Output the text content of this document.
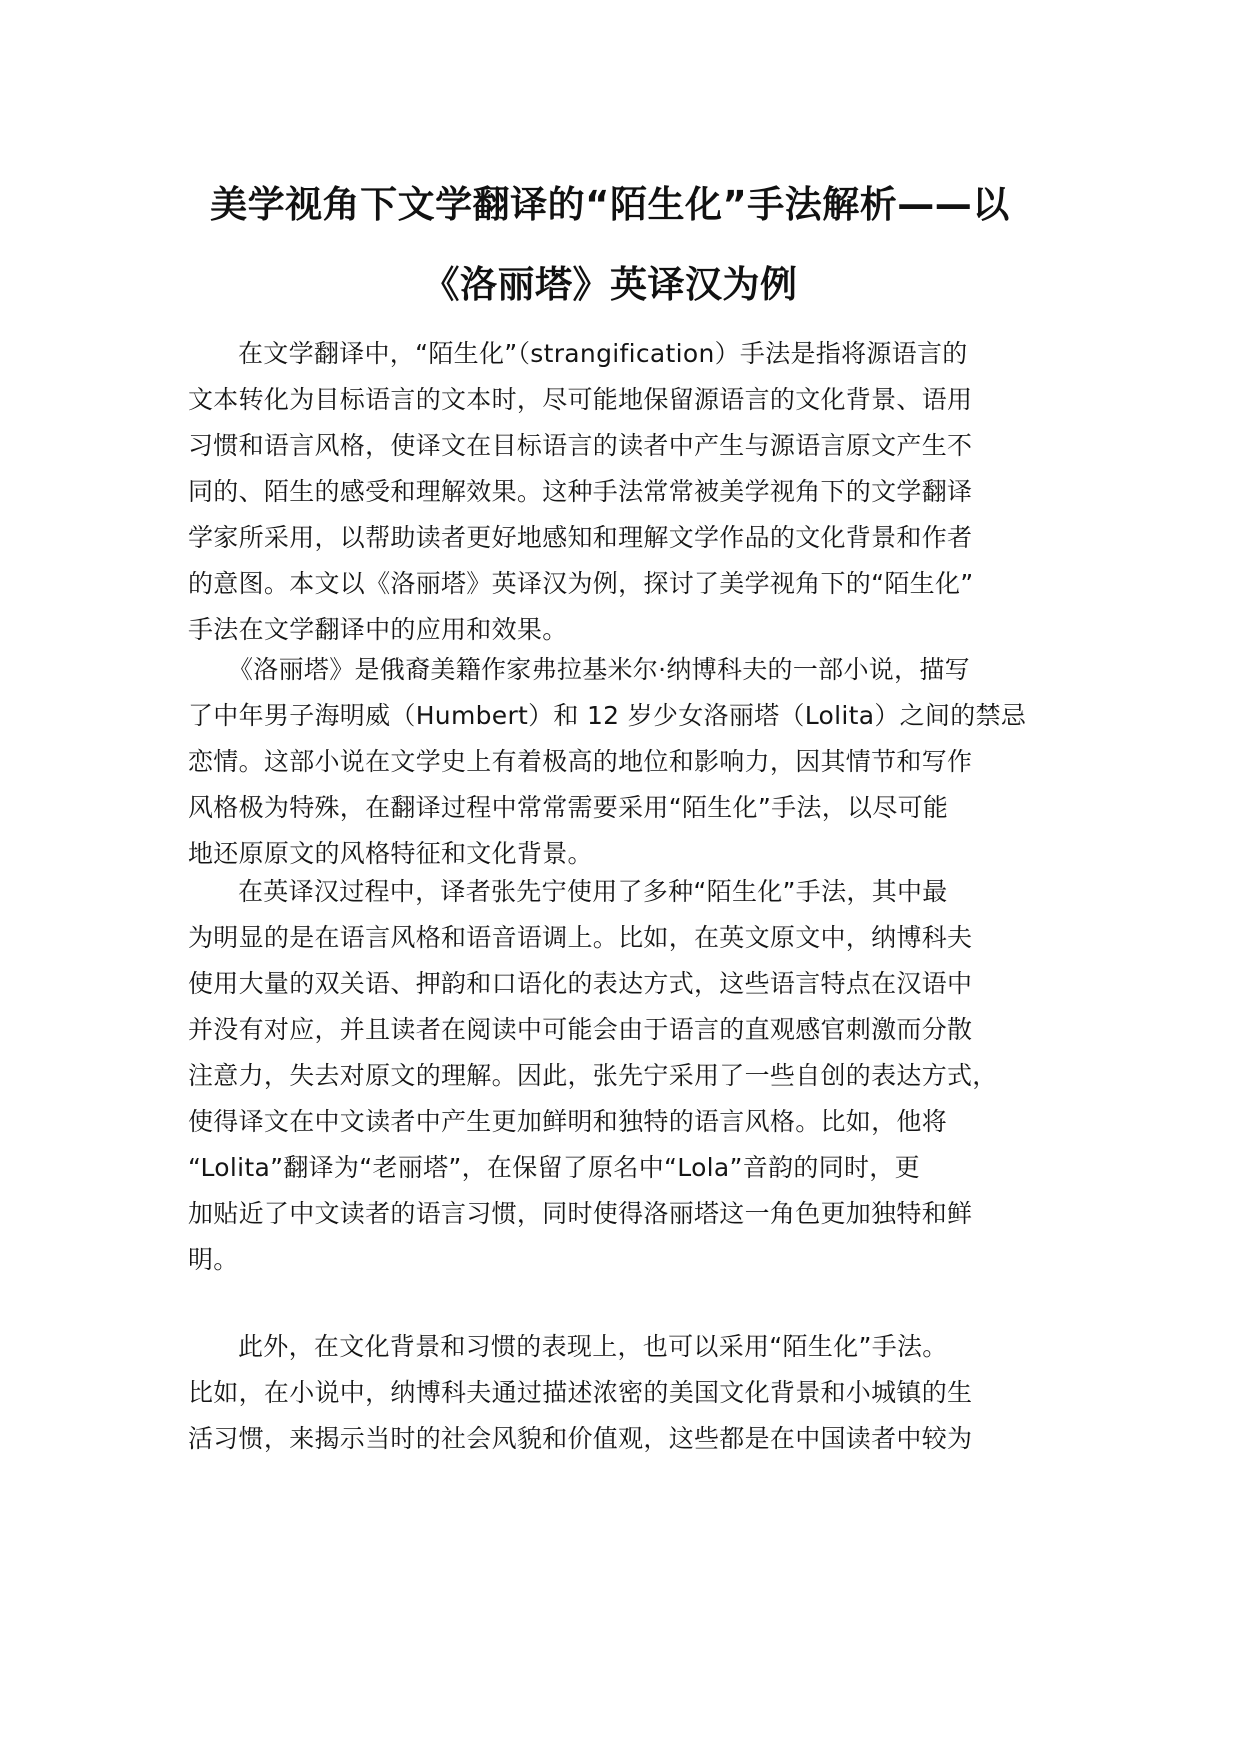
美学视角下文学翻译的“陌生化”手法解析——以
《洛丽塔》英译汉为例
在文学翻译中，“陌生化”（strangification）手法是指将源语言的
文本转化为目标语言的文本时，尽可能地保留源语言的文化背景、语用
习惯和语言风格，使译文在目标语言的读者中产生与源语言原文产生不
同的、陌生的感受和理解效果。这种手法常常被美学视角下的文学翻译
学家所采用，以帮助读者更好地感知和理解文学作品的文化背景和作者
的意图。本文以《洛丽塔》英译汉为例，探讨了美学视角下的“陌生化”
手法在文学翻译中的应用和效果。
《洛丽塔》是俄裔美籍作家弗拉基米尔·纳博科夫的一部小说，描写
了中年男子海明威（Humbert）和 12 岁少女洛丽塔（Lolita）之间的禁忌
恋情。这部小说在文学史上有着极高的地位和影响力，因其情节和写作
风格极为特殊，在翻译过程中常常需要采用“陌生化”手法，以尽可能
地还原原文的风格特征和文化背景。
在英译汉过程中，译者张先宁使用了多种“陌生化”手法，其中最
为明显的是在语言风格和语音语调上。比如，在英文原文中，纳博科夫
使用大量的双关语、押韵和口语化的表达方式，这些语言特点在汉语中
并没有对应，并且读者在阅读中可能会由于语言的直观感官刺激而分散
注意力，失去对原文的理解。因此，张先宁采用了一些自创的表达方式，
使得译文在中文读者中产生更加鲜明和独特的语言风格。比如，他将
“Lolita”翻译为“老丽塔”，在保留了原名中“Lola”音韵的同时，更
加贴近了中文读者的语言习惯，同时使得洛丽塔这一角色更加独特和鲜
明。
此外，在文化背景和习惯的表现上，也可以采用“陌生化”手法。
比如，在小说中，纳博科夫通过描述浓密的美国文化背景和小城镇的生
活习惯，来揭示当时的社会风貌和价值观，这些都是在中国读者中较为
